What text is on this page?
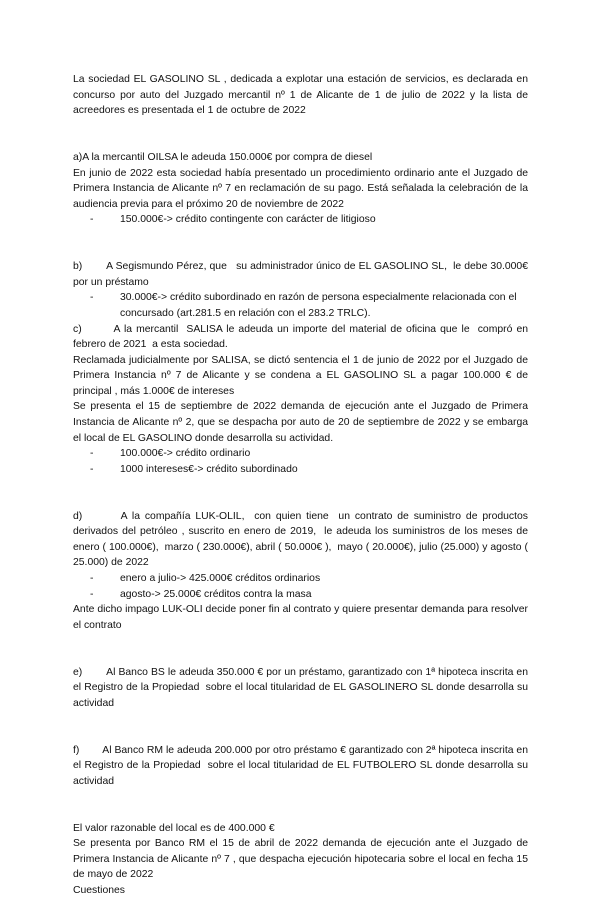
La sociedad EL GASOLINO SL , dedicada a explotar una estación de servicios, es declarada en concurso por auto del Juzgado mercantil nº 1 de Alicante de 1 de julio de 2022 y la lista de acreedores es presentada el 1 de octubre de 2022

a)A la mercantil OILSA le adeuda 150.000€ por compra de diesel

En junio de 2022 esta sociedad había presentado un procedimiento ordinario ante el Juzgado de Primera Instancia de Alicante nº 7 en reclamación de su pago. Está señalada la celebración de la audiencia previa para el próximo 20 de noviembre de 2022

-	150.000€-> crédito contingente con carácter de litigioso

b)        A Segismundo Pérez, que   su administrador único de EL GASOLINO SL,  le debe 30.000€ por un préstamo

-	30.000€-> crédito subordinado en razón de persona especialmente relacionada con el concursado (art.281.5 en relación con el 283.2 TRLC).

c)        A la mercantil  SALISA le adeuda un importe del material de oficina que le  compró en febrero de 2021  a esta sociedad.

Reclamada judicialmente por SALISA, se dictó sentencia el 1 de junio de 2022 por el Juzgado de Primera Instancia nº 7 de Alicante y se condena a EL GASOLINO SL a pagar 100.000 € de principal , más 1.000€ de intereses

Se presenta el 15 de septiembre de 2022 demanda de ejecución ante el Juzgado de Primera Instancia de Alicante nº 2, que se despacha por auto de 20 de septiembre de 2022 y se embarga el local de EL GASOLINO donde desarrolla su actividad.

-	100.000€-> crédito ordinario
-	1000 intereses€-> crédito subordinado

d)        A la compañía LUK-OLIL,  con quien tiene  un contrato de suministro de productos derivados del petróleo , suscrito en enero de 2019,  le adeuda los suministros de los meses de enero ( 100.000€),  marzo ( 230.000€), abril ( 50.000€ ),  mayo ( 20.000€), julio (25.000) y agosto ( 25.000) de 2022

-	enero a julio-> 425.000€ créditos ordinarios
-	agosto-> 25.000€ créditos contra la masa

Ante dicho impago LUK-OLI decide poner fin al contrato y quiere presentar demanda para resolver el contrato

e)        Al Banco BS le adeuda 350.000 € por un préstamo, garantizado con 1ª hipoteca inscrita en el Registro de la Propiedad  sobre el local titularidad de EL GASOLINERO SL donde desarrolla su actividad

f)        Al Banco RM le adeuda 200.000 por otro préstamo € garantizado con 2ª hipoteca inscrita en el Registro de la Propiedad  sobre el local titularidad de EL FUTBOLERO SL donde desarrolla su actividad

El valor razonable del local es de 400.000 €

Se presenta por Banco RM el 15 de abril de 2022 demanda de ejecución ante el Juzgado de Primera Instancia de Alicante nº 7 , que despacha ejecución hipotecaria sobre el local en fecha 15 de mayo de 2022

Cuestiones
